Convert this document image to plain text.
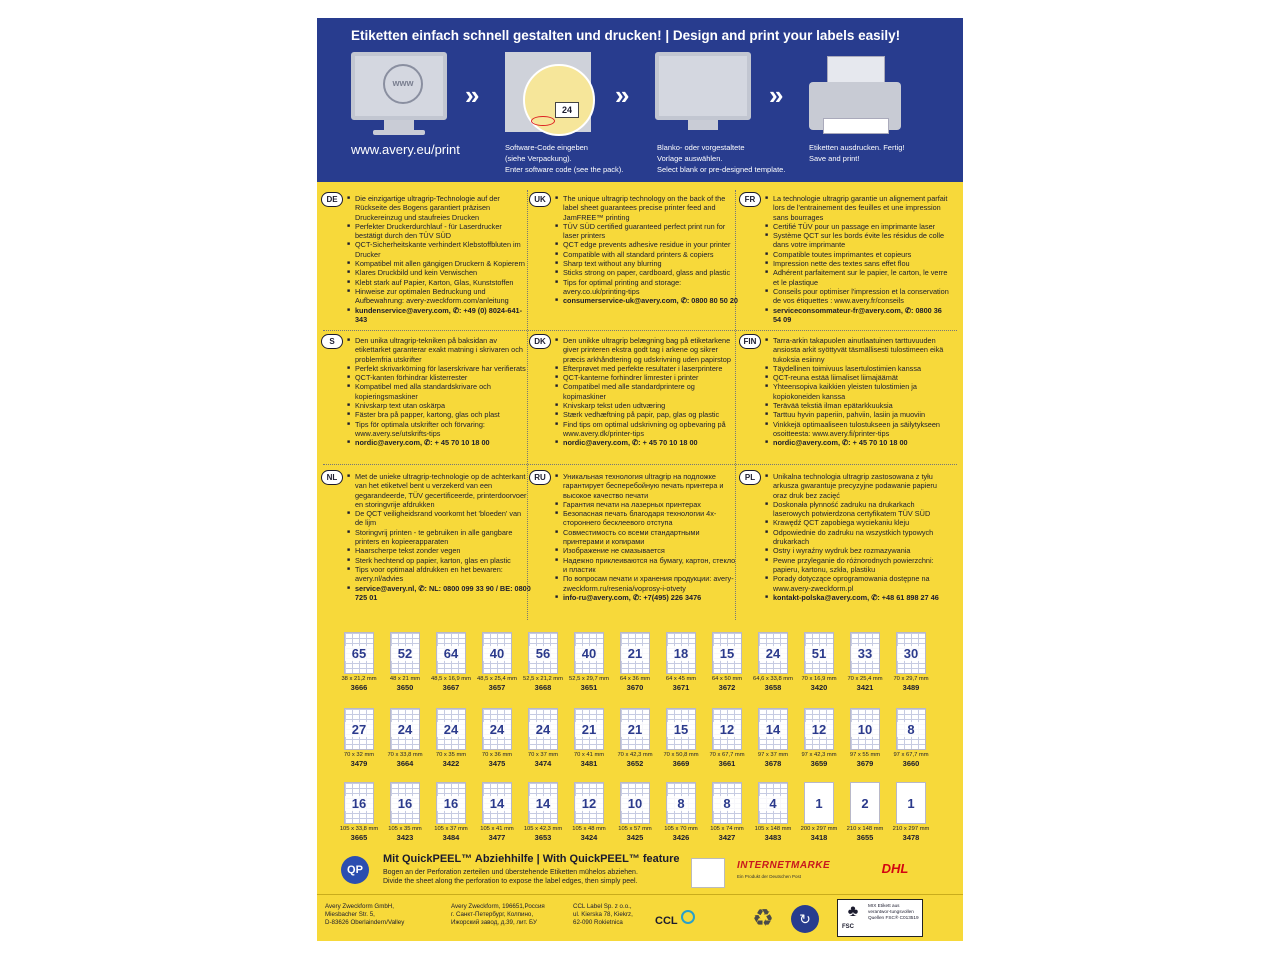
Etiketten einfach schnell gestalten und drucken! | Design and print your labels easily!
www
www.avery.eu/print
»	24
Software-Code eingeben
(siehe Verpackung).
Enter software code (see the pack).
»
Blanko- oder vorgestaltete
Vorlage auswählen.
Select blank or pre-designed template.
»
Etiketten ausdrucken. Fertig!
Save and print!
DE	■ Die einzigartige ultragrip-Technologie auf der Rückseite des Bogens garantiert präzisen Druckereinzug und staufreies Drucken
■ Perfekter Druckerdurchlauf - für Laserdrucker bestätigt durch den TÜV SÜD
■ QCT-Sicherheitskante verhindert Klebstoffbluten im Drucker
■ Kompatibel mit allen gängigen Druckern & Kopierern
■ Klares Druckbild und kein Verwischen
■ Klebt stark auf Papier, Karton, Glas, Kunststoffen
■ Hinweise zur optimalen Bedruckung und Aufbewahrung: avery-zweckform.com/anleitung
■ kundenservice@avery.com, ✆: +49 (0) 8024-641-343
UK	■ The unique ultragrip technology on the back of the label sheet guarantees precise printer feed and JamFREE™ printing
■ TÜV SÜD certified guaranteed perfect print run for laser printers
■ QCT edge prevents adhesive residue in your printer
■ Compatible with all standard printers & copiers
■ Sharp text without any blurring
■ Sticks strong on paper, cardboard, glass and plastic
■ Tips for optimal printing and storage: avery.co.uk/printing-tips
■ consumerservice-uk@avery.com, ✆: 0800 80 50 20
FR	■ La technologie ultragrip garantie un alignement parfait lors de l'entrainement des feuilles et une impression sans bourrages
■ Certifié TÜV pour un passage en imprimante laser
■ Système QCT sur les bords évite les résidus de colle dans votre imprimante
■ Compatible toutes imprimantes et copieurs
■ Impression nette des textes sans effet flou
■ Adhérent parfaitement sur le papier, le carton, le verre et le plastique
■ Conseils pour optimiser l'impression et la conservation de vos étiquettes : www.avery.fr/conseils
■ serviceconsommateur-fr@avery.com, ✆: 0800 36 54 09
S	■ Den unika ultragrip-tekniken på baksidan av etikettarket garanterar exakt matning i skrivaren och problemfria utskrifter
■ Perfekt skrivarkörning för laserskrivare har verifierats
■ QCT-kanten förhindrar klisterrester
■ Kompatibel med alla standardskrivare och kopieringsmaskiner
■ Knivskarp text utan oskärpa
■ Fäster bra på papper, kartong, glas och plast
■ Tips för optimala utskrifter och förvaring: www.avery.se/utskrifts-tips
■ nordic@avery.com, ✆: + 45 70 10 18 00
DK	■ Den unikke ultragrip belægning bag på etiketarkene giver printeren ekstra godt tag i arkene og sikrer præcis arkhåndtering og udskrivning uden papirstop
■ Efterprøvet med perfekte resultater i laserprintere
■ QCT-kanterne forhindrer limrester i printer
■ Compatibel med alle standardprintere og kopimaskiner
■ Knivskarp tekst uden udtværing
■ Stærk vedhæftning på papir, pap, glas og plastic
■ Find tips om optimal udskrivning og opbevaring på www.avery.dk/printer-tips
■ nordic@avery.com, ✆: + 45 70 10 18 00
FIN	■ Tarra-arkin takapuolen ainutlaatuinen tarttuvuuden ansiosta arkit syöttyvät täsmällisesti tulostimeen eikä tukoksia esiinny
■ Täydellinen toimivuus lasertulostimien kanssa
■ QCT-reuna estää liimaliset liimajäämät
■ Yhteensopiva kaikkien yleisten tulostimien ja kopiokoneiden kanssa
■ Terävää tekstiä ilman epätarkkuuksia
■ Tarttuu hyvin paperiin, pahviin, lasiin ja muoviin
■ Vinkkejä optimaaliseen tulostukseen ja säilytykseen osoitteesta: www.avery.fi/printer-tips
■ nordic@avery.com, ✆: + 45 70 10 18 00
NL	■ Met de unieke ultragrip-technologie op de achterkant van het etiketvel bent u verzekerd van een gegarandeerde, TÜV gecertificeerde, printerdoorvoer en storingvrije afdrukken
■ De QCT veiligheidsrand voorkomt het 'bloeden' van de lijm
■ Storingvrij printen - te gebruiken in alle gangbare printers en kopieerapparaten
■ Haarscherpe tekst zonder vegen
■ Sterk hechtend op papier, karton, glas en plastic
■ Tips voor optimaal afdrukken en het bewaren: avery.nl/advies
■ service@avery.nl, ✆: NL: 0800 099 33 90 / BE: 0800 725 01
RU	■ Уникальная технология ultragrip на подложке гарантирует бесперебойную печать принтера и высокое качество печати
■ Гарантия печати на лазерных принтерах
■ Безопасная печать благодаря технологии 4х-стороннего бесклеевого отступа
■ Совместимость со всеми стандартными принтерами и копирами
■ Изображение не смазывается
■ Надежно приклеиваются на бумагу, картон, стекло и пластик
■ По вопросам печати и хранения продукции: avery-zweckform.ru/resenia/voprosy-i-otvety
■ info-ru@avery.com, ✆: +7(495) 226 3476
PL	■ Unikalna technologia ultragrip zastosowana z tyłu arkusza gwarantuje precyzyjne podawanie papieru oraz druk bez zacięć
■ Doskonała płynność zadruku na drukarkach laserowych potwierdzona certyfikatem TÜV SÜD
■ Krawędź QCT zapobiega wyciekaniu kleju
■ Odpowiednie do zadruku na wszystkich typowych drukarkach
■ Ostry i wyraźny wydruk bez rozmazywania
■ Pewne przyleganie do różnorodnych powierzchni: papieru, kartonu, szkła, plastiku
■ Porady dotyczące oprogramowania dostępne na www.avery-zweckform.pl
■ kontakt-polska@avery.com, ✆: +48 61 898 27 46
65
38 x 21,2 mm
3666
52
48 x 21 mm
3650
64
48,5 x 16,9 mm
3667
40
48,5 x 25,4 mm
3657
56
52,5 x 21,2 mm
3668
40
52,5 x 29,7 mm
3651
21
64 x 36 mm
3670
18
64 x 45 mm
3671
15
64 x 50 mm
3672
24
64,6 x 33,8 mm
3658
51
70 x 16,9 mm
3420
33
70 x 25,4 mm
3421
30
70 x 29,7 mm
3489
27
70 x 32 mm
3479
24
70 x 33,8 mm
3664
24
70 x 35 mm
3422
24
70 x 36 mm
3475
24
70 x 37 mm
3474
21
70 x 41 mm
3481
21
70 x 42,3 mm
3652
15
70 x 50,8 mm
3669
12
70 x 67,7 mm
3661
14
97 x 37 mm
3678
12
97 x 42,3 mm
3659
10
97 x 55 mm
3679
8
97 x 67,7 mm
3660
16
105 x 33,8 mm
3665
16
105 x 35 mm
3423
16
105 x 37 mm
3484
14
105 x 41 mm
3477
14
105 x 42,3 mm
3653
12
105 x 48 mm
3424
10
105 x 57 mm
3425
8
105 x 70 mm
3426
8
105 x 74 mm
3427
4
105 x 148 mm
3483
1
200 x 297 mm
3418
2
210 x 148 mm
3655
1
210 x 297 mm
3478
QP
Mit QuickPEEL™ Abziehhilfe | With QuickPEEL™ feature
Bogen an der Perforation zerteilen und überstehende Etiketten mühelos abziehen.
Divide the sheet along the perforation to expose the label edges, then simply peel.
INTERNETMARKE
Ein Produkt der Deutschen Post
DHL
Avery Zweckform GmbH,
Miesbacher Str. 5,
D-83626 Oberlaindern/Valley
Avery Zweckform, 196651,Россия
г. Санкт-Петербург, Колпино,
Ижорский завод, д.39, лит. БУ
CCL Label Sp. z o.o.,
ul. Kierska 78, Kiekrz,
62-090 Rokietnica	CCL	♻	↻	♣
FSC
MIX Etikett aus verantwor-tungsvollen Quellen FSC® C013519
